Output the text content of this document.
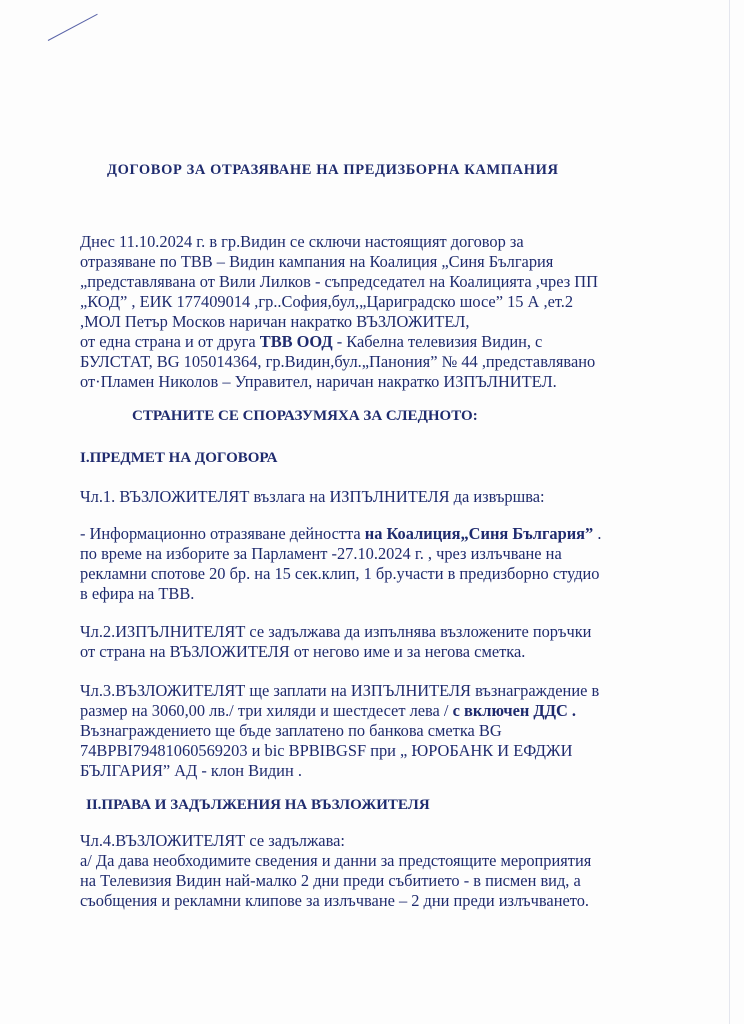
ДОГОВОР ЗА ОТРАЗЯВАНЕ НА ПРЕДИЗБОРНА КАМПАНИЯ
Днес 11.10.2024 г. в гр.Видин се сключи настоящият договор за
отразяване по ТВВ – Видин кампания на Коалиция „Синя България
„представлявана от Вили Лилков - съпредседател на Коалицията ,чрез ПП
„КОД” , ЕИК 177409014 ,гр..София,бул,„Цариградско шосе” 15 А ,ет.2
,МОЛ Петър Москов наричан накратко ВЪЗЛОЖИТЕЛ,
от една страна и от друга ТВВ ООД - Кабелна телевизия Видин, с
БУЛСТАТ, BG 105014364, гр.Видин,бул.„Панония” № 44 ,представлявано
от·Пламен Николов – Управител, наричан накратко ИЗПЪЛНИТЕЛ.
СТРАНИТЕ СЕ СПОРАЗУМЯХА ЗА СЛЕДНОТО:
I.ПРЕДМЕТ НА ДОГОВОРА
Чл.1. ВЪЗЛОЖИТЕЛЯТ възлага на ИЗПЪЛНИТЕЛЯ да извършва:
- Информационно отразяване дейността на Коалиция„Синя България” .
по време на изборите за Парламент -27.10.2024 г. , чрез излъчване на
рекламни спотове 20 бр. на 15 сек.клип, 1 бр.участи в предизборно студио
в ефира на ТВВ.
Чл.2.ИЗПЪЛНИТЕЛЯТ се задължава да изпълнява възложените поръчки
от страна на ВЪЗЛОЖИТЕЛЯ от негово име и за негова сметка.
Чл.3.ВЪЗЛОЖИТЕЛЯТ ще заплати на ИЗПЪЛНИТЕЛЯ възнаграждение в
размер на 3060,00 лв./ три хиляди и шестдесет лева / с включен ДДС .
Възнаграждението ще бъде заплатено по банкова сметка BG
74BPBI79481060569203 и bic BPBIBGSF при „ ЮРОБАНК И ЕФДЖИ
БЪЛГАРИЯ” АД - клон Видин .
II.ПРАВА И ЗАДЪЛЖЕНИЯ НА ВЪЗЛОЖИТЕЛЯ
Чл.4.ВЪЗЛОЖИТЕЛЯТ се задължава:
а/ Да дава необходимите сведения и данни за предстоящите мероприятия
на Телевизия Видин най-малко 2 дни преди събитието - в писмен вид, а
съобщения и рекламни клипове за излъчване – 2 дни преди излъчването.
